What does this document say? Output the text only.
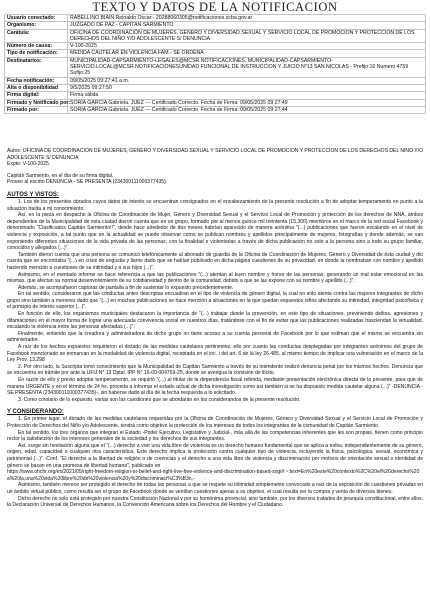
TEXTO Y DATOS DE LA NOTIFICACION
Usuario conectado:	RABELLINO BIAIN Reinaldo Oscar - 20288060305@notificaciones.scba.gov.ar
Organismo:	JUZGADO DE PAZ - CAPITAN SARMIENTO
Carátula:	OFICINA DE COORDINACIÓN DE MUJERES, GENERO Y DIVERSIDAD SEXUAL Y SERVICIO LOCAL DE PROMOCION Y PROTECCION DE LOS DERECHOS DEL NIÑO Y/O ADOLESCENTE S/ DENUNCIA
Número de causa:	V-100-2025
Tipo de notificación:	MEDIDA CAUTELAR EN VIOLENCIA FAM.- SE ORDENA
Destinatarios:	MUNICIPALIDAD-CAPSARMIENTO-LEGALES@MCSR.NOTIFICACIONES, MUNICIPALIDAD-CAPSARMIENTO-SERVICIO.LOCAL@MCSR.NOTIFICACIONESUNIDAD FUNCIONAL DE INSTRUCCION Y JUICIO Nº13 SAN NICOLAS - Prefijo:16 Numero:4759 Sufijo:25
Fecha notificación:	09/05/2025 09:27:41 a.m.
Alta o disponibilidad	9/5/2025 09:27:50
Firma digital:	Firma válida
Firmado y Notificado por:	SORIA GARCIA Gabriela. JUEZ --- Certificado Correcto. Fecha de Firma: 09/05/2025 09:27:49
Firmado por:	SORIA GARCIA Gabriela. JUEZ --- Certificado Correcto. Fecha de Firma: 09/05/2025 09:27:44

Autos: OFICINA DE COORDINACIÓN DE MUJERES, GENERO Y DIVERSIDAD SEXUAL Y SERVICIO LOCAL DE PROMOCION Y PROTECCIÓN DE LOS DERECHOS DEL NIÑO Y/O ADOLESCENTE S/ DENUNCIA

Expte: V-100-2025.

Capitán Sarmiento, en el día de su firma digital.

Proveo al escrito DENUNCIA - SE PRESENTA (234300111000377435).

AUTOS Y VISTOS:

1. Los de los presentes obrados cuyos datos de interés se encuentran consignados en el encabezamiento de la presente resolución a fin de adoptar temperamento en punto a la situación traída a mi conocimiento.

Así, en la pieza en despacho la Oficina de Coordinación de Mujer, Género y Diversidad Sexual y el Servicio Local de Promoción y protección de los derechos de NNA, ambos dependientes de la Municipalidad de esta ciudad dieron cuenta que en un grupo, formado por al menos quince mil treintenta (15.300) miembros en el marco de la red social Facebook y denominado "Clasificados Capitán Sarmiento!!", desde hace alrededor de dos meses habrían aparecido de manera anónima "(...) publicaciones que fueron escalando en el nivel de violencia y exposición, a tal punto que en la actualidad se puede observar como se publican nombres y apellidos principalmente de mujeres, fotografías y donde además, se van exponiendo diferentes situaciones de la vida privada de las personas, con la finalidad e violentarlas a través de dicha publicación no solo a la persona sino a todo su grupo familiar, conocidos y allegados (...)".

También dieron cuenta que una persona se comunicó telefónicamente al abonado de guardia de la Oficina de Coordinación de Mujeres, Género y Diversidad de ésta ciudad y dio cuenta que se encontraba "(...) en crisis de angustia y llanto dado que se habían publicado en dicha página cuestiones de su privacidad, en donde la nombraban con nombre y apellido haciendo mención a cuestiones de su intimidad y a sus hijos (...)".

Asimismo, en el mentado informe se hace referencia a que las publicaciones "(...) atentan al buen nombre y honor de las personas, generando un mal estar emocional en las mismas, que afectan su normal desenvolvimiento de su cotidianeidad y dentro de la comunidad, debido a que se las expone con su nombre y apellido (...)".

Además, se acompañaron capturas de pantalla a fin de sustentar lo expuesto precedentemente.

En tal sentido, consideraron que las conductas antes descriptas encuadran en el tipo de violencia de género digital, la cual no sólo atenta contra las mujeres integrantes de dicho grupo sino también a menores dado que "(...) en muchas publicaciones se hace mención a situaciones en la que quedan expuestos niños afectando su intimidad, integridad psicofísica y el principio de interés superior (...)".

En función de ello, los organismos municipales destacaron la importancia de "(...) trabajar desde la prevención, en este tipo de situaciones, previniendo delitos, agresiones y difamaciones en el mayor forma de lograr una adecuada convivencia social en nuestros días, tratándose con el fin de evitar que las publicaciones realizadas trasciendan la virtualidad, escalando la violencia entre las personas afectadas (...)".

Finalmente, entiendo que la creadora y administradora de dicho grupo no tiene acceso a su cuenta personal de Facebook por lo que estiman que el mismo se encuentra sin administrador.

A raíz de los hechos expuestos requirieron el dictado de las medidas cautelares pertinentes, ello por cuanto las conductas desplegadas por integrantes anónimos del grupo de Facebook mencionado se enmarcan en la modalidad de violencia digital, receptada en el inc. i del art. 6 de la ley 26.485, al mismo tiempo de implicar una vulneración en el marco de la Ley Prov. 13.298

2. Por otro lado, la Suscripta tomó conocimiento que la Municipalidad de Capitán Sarmiento a través de su intendente realizó denuncia penal por los mismos hechos. Denuncia que se encuentra en trámite por ante la UFIJ N° 13 Dptal. IPP N° 16-00-004759-25, donde se averigua la comisión de ilícito.

En razón de ello y previo adoptar temperamento, se requirió "(...) al titular de la dependencia fiscal referida, mediante presentación electrónica directa de la presente, para que de manera URGENTE y en el término de 24 hs. proceda a informar el estado actual de dicha investigación como así también si se ha dispuesto medida cautelar alguna (...)" -DENUNCIA - SE PRESENTA (234300111000377435)-, sin haberse dado al día de la fecha respuesta a lo solicitado.

3. Como corolario de lo expuesto, varias son las cuestiones que se abordarán en los considerandos de la presente resolución.

Y CONSIDERANDO:

1. En primer lugar, el dictado de las medidas cautelares requeridas por la Oficina de Coordinación de Mujeres, Género y Diversidad Sexual y el Servicio Local de Promoción y Protección de Derechos del Niño y/o Adolescente, tendrá como objetivo la protección de los intereses de todos los integrantes de la comunidad de Capitán Sarmiento.

En tal sentido, los tres órganos que integran el Estado -Poder Ejecutivo, Legislativo y Judicial-, más allá de las competencias inherentes que les son propias, tienen como principio rector la satisfacción de los intereses generales de la sociedad y los derechos de sus integrantes.

Así, surge sin hesitación alguna que el "(...) derecho a vivir una vida libre de violencia es un derecho humano fundamental que se aplica a todos, independientemente de su género, origen, edad, capacidad o cualquier otra característica. Este derecho implica la protección contra cualquier tipo de violencia, incluyendo la física, psicológica, sexual, económica y patrimonial (...)" -Conf. "El derecho a la libertad de religión o de creencias y el derecho a una vida libre de violencia y discriminación por motivos de orientación sexual o identidad de género se basan en una promesa de libertad humana", publicado en

https://www.ohchr.org/es/2021/05/right-freedom-religion-or-belief-and-right-live-free-violence-and-discrimination-based-sogi#:~:text=En%20este%20contexto%2C%20el%20derecho%20a%20la,una%20vida%20libre%20de%20violencia%20y%20discriminaci%C3%B3n.-

Asimismo, también merece ser protegido el derecho de todas las personas a que se respete su intimidad simplemente convocado a raíz de la exposición de cuestiones privadas en un ámbito virtual público, como resulta ser el grupo de Facebook donde se ventilan cuestiones ajenas a su objetivo, el cual resulta ser la compra y venta de diversos bienes.

Dicho derecho no solo está protegido por nuestra Constitución Nacional y por su homónima provincial, sino también, por los diversos tratados de jerarquía constitucional, entre ellos, la Declaración Universal de Derechos Humanos, la Convención Americana sobre los Derechos del Hombre y el Ciudadano.
